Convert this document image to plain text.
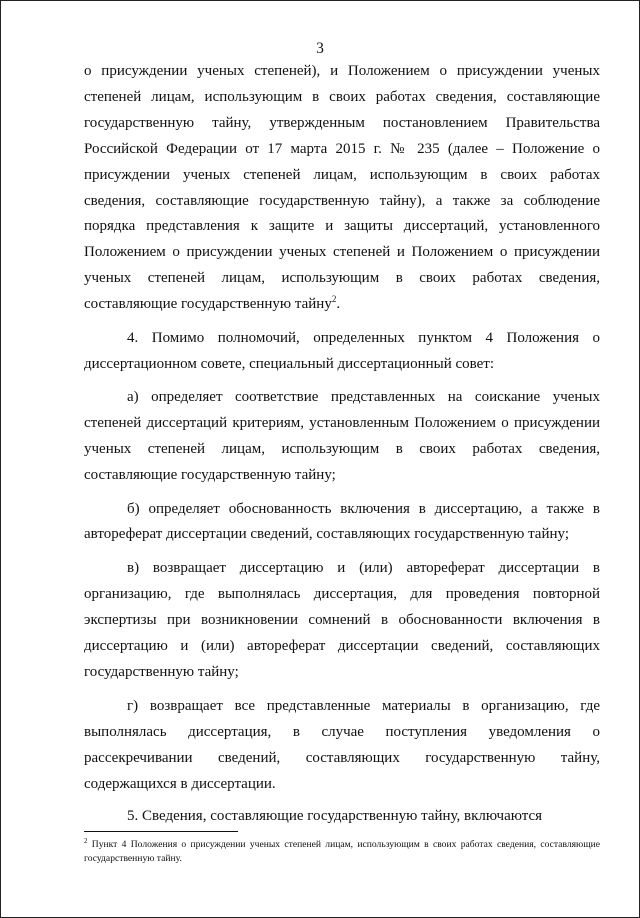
3

о присуждении ученых степеней), и Положением о присуждении ученых степеней лицам, использующим в своих работах сведения, составляющие государственную тайну, утвержденным постановлением Правительства Российской Федерации от 17 марта 2015 г. № 235 (далее – Положение о присуждении ученых степеней лицам, использующим в своих работах сведения, составляющие государственную тайну), а также за соблюдение порядка представления к защите и защиты диссертаций, установленного Положением о присуждении ученых степеней и Положением о присуждении ученых степеней лицам, использующим в своих работах сведения, составляющие государственную тайну$^2$.

4. Помимо полномочий, определенных пунктом 4 Положения о диссертационном совете, специальный диссертационный совет:

а) определяет соответствие представленных на соискание ученых степеней диссертаций критериям, установленным Положением о присуждении ученых степеней лицам, использующим в своих работах сведения, составляющие государственную тайну;

б) определяет обоснованность включения в диссертацию, а также в автореферат диссертации сведений, составляющих государственную тайну;

в) возвращает диссертацию и (или) автореферат диссертации в организацию, где выполнялась диссертация, для проведения повторной экспертизы при возникновении сомнений в обоснованности включения в диссертацию и (или) автореферат диссертации сведений, составляющих государственную тайну;

г) возвращает все представленные материалы в организацию, где выполнялась диссертация, в случае поступления уведомления о рассекречивании сведений, составляющих государственную тайну, содержащихся в диссертации.

5. Сведения, составляющие государственную тайну, включаются

$^2$ Пункт 4 Положения о присуждении ученых степеней лицам, использующим в своих работах сведения, составляющие государственную тайну.
